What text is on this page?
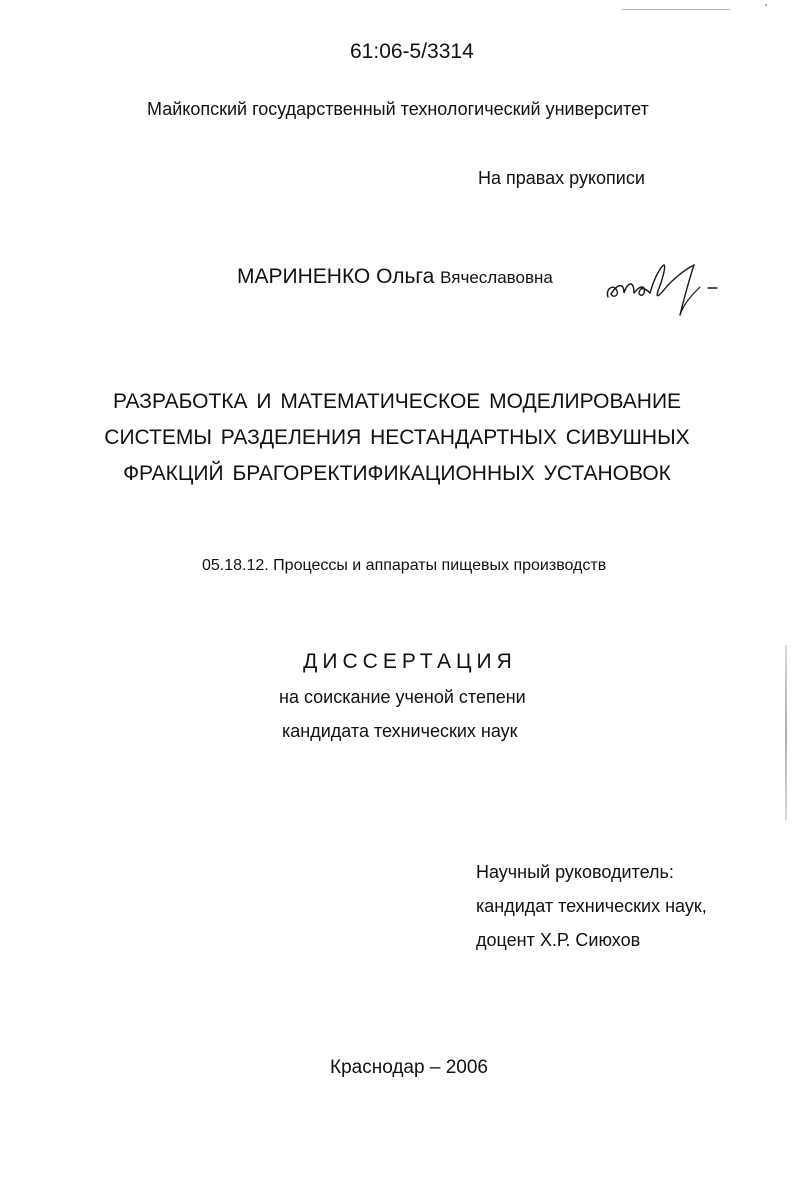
61:06-5/3314
Майкопский государственный технологический университет
На правах рукописи
МАРИНЕНКО Ольга Вячеславовна
РАЗРАБОТКА И МАТЕМАТИЧЕСКОЕ МОДЕЛИРОВАНИЕ
СИСТЕМЫ РАЗДЕЛЕНИЯ НЕСТАНДАРТНЫХ СИВУШНЫХ
ФРАКЦИЙ БРАГОРЕКТИФИКАЦИОННЫХ УСТАНОВОК
05.18.12. Процессы и аппараты пищевых производств
ДИССЕРТАЦИЯ
на соискание ученой степени
кандидата технических наук
Научный руководитель:
кандидат технических наук,
доцент Х.Р. Сиюхов
Краснодар – 2006
